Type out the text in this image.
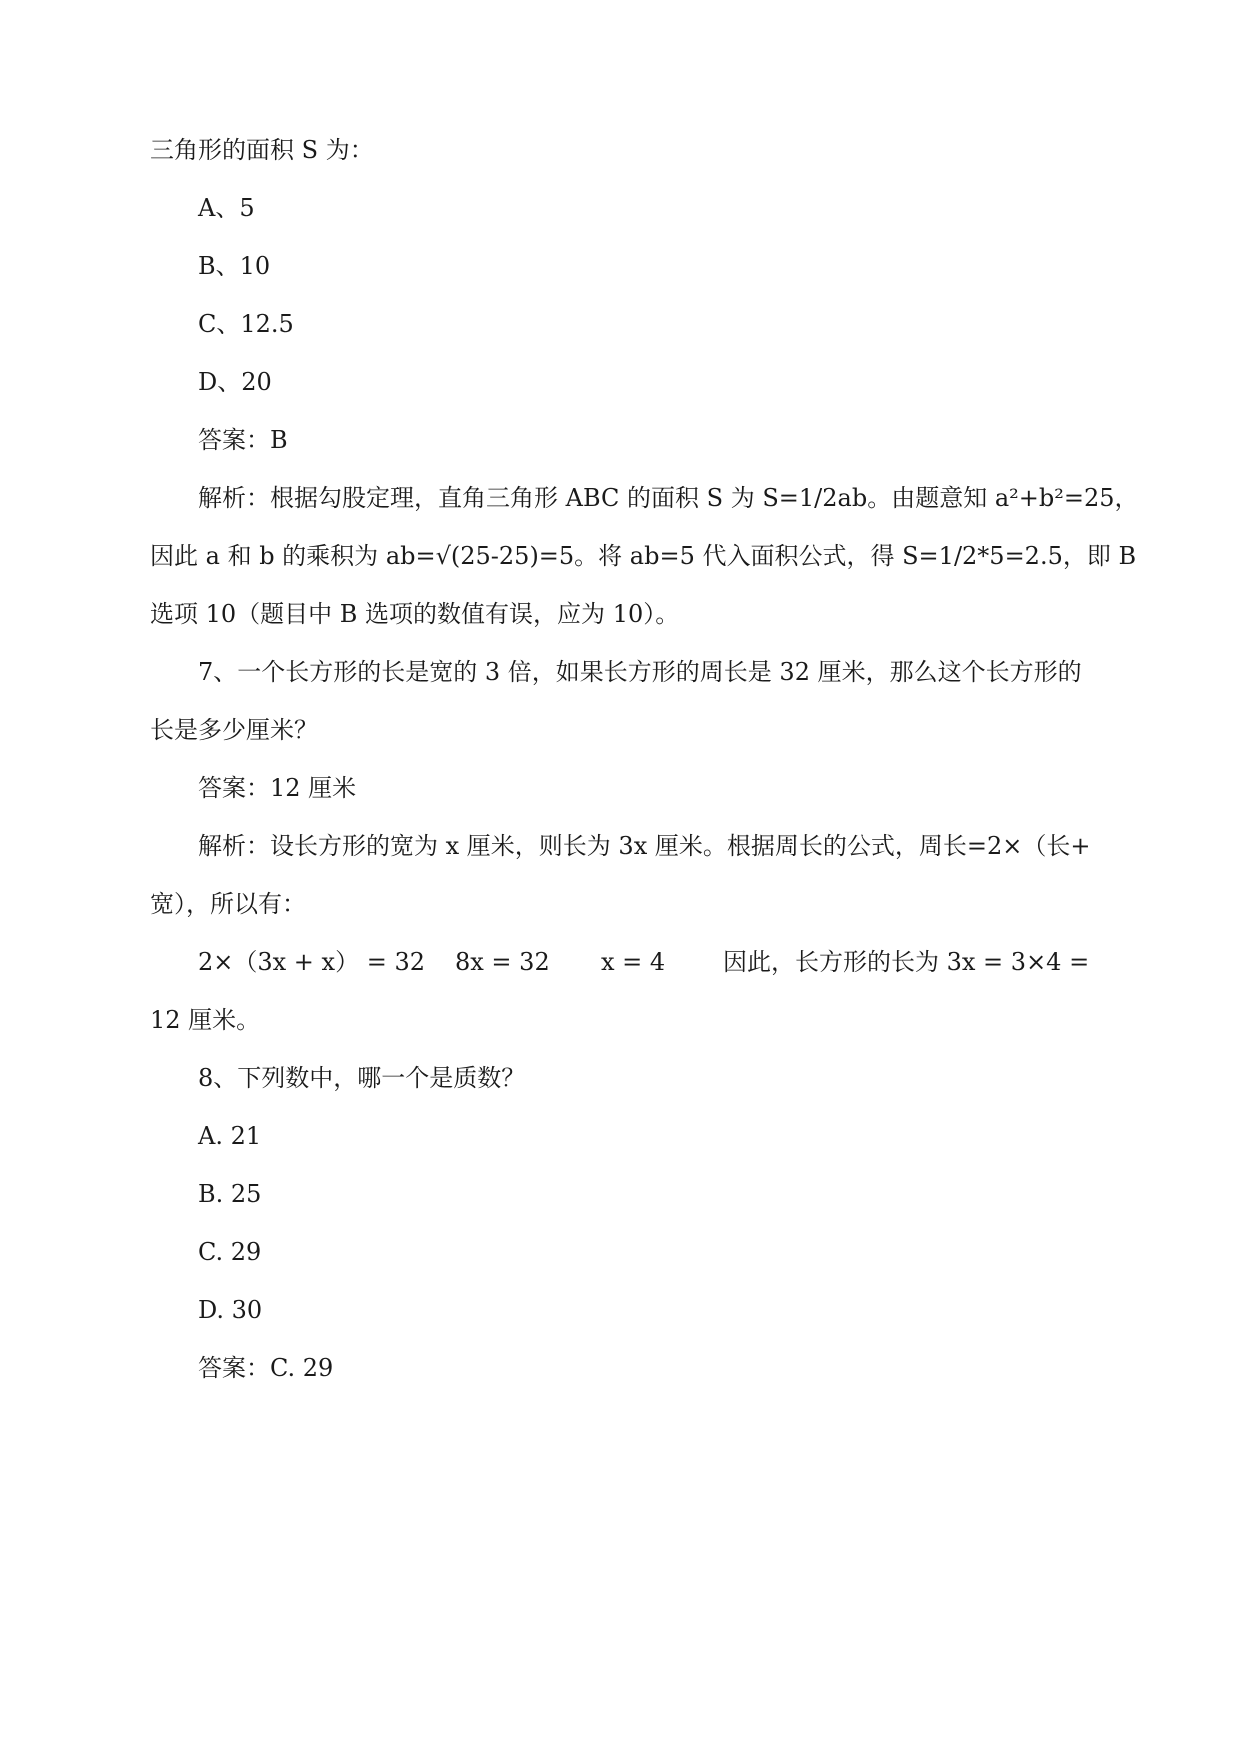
三角形的面积 S 为：
A、5
B、10
C、12.5
D、20
答案：B
解析：根据勾股定理，直角三角形 ABC 的面积 S 为 S=1/2ab。由题意知 a²+b²=25，
因此 a 和 b 的乘积为 ab=√(25-25)=5。将 ab=5 代入面积公式，得 S=1/2*5=2.5，即 B
选项 10（题目中 B 选项的数值有误，应为 10）。
7、一个长方形的长是宽的 3 倍，如果长方形的周长是 32 厘米，那么这个长方形的
长是多少厘米？
答案：12 厘米
解析：设长方形的宽为 x 厘米，则长为 3x 厘米。根据周长的公式，周长=2×（长+
宽），所以有：
2×（3x + x） = 32 8x = 32 x = 4 因此，长方形的长为 3x = 3×4 =
12 厘米。
8、下列数中，哪一个是质数？
A. 21
B. 25
C. 29
D. 30
答案：C. 29
